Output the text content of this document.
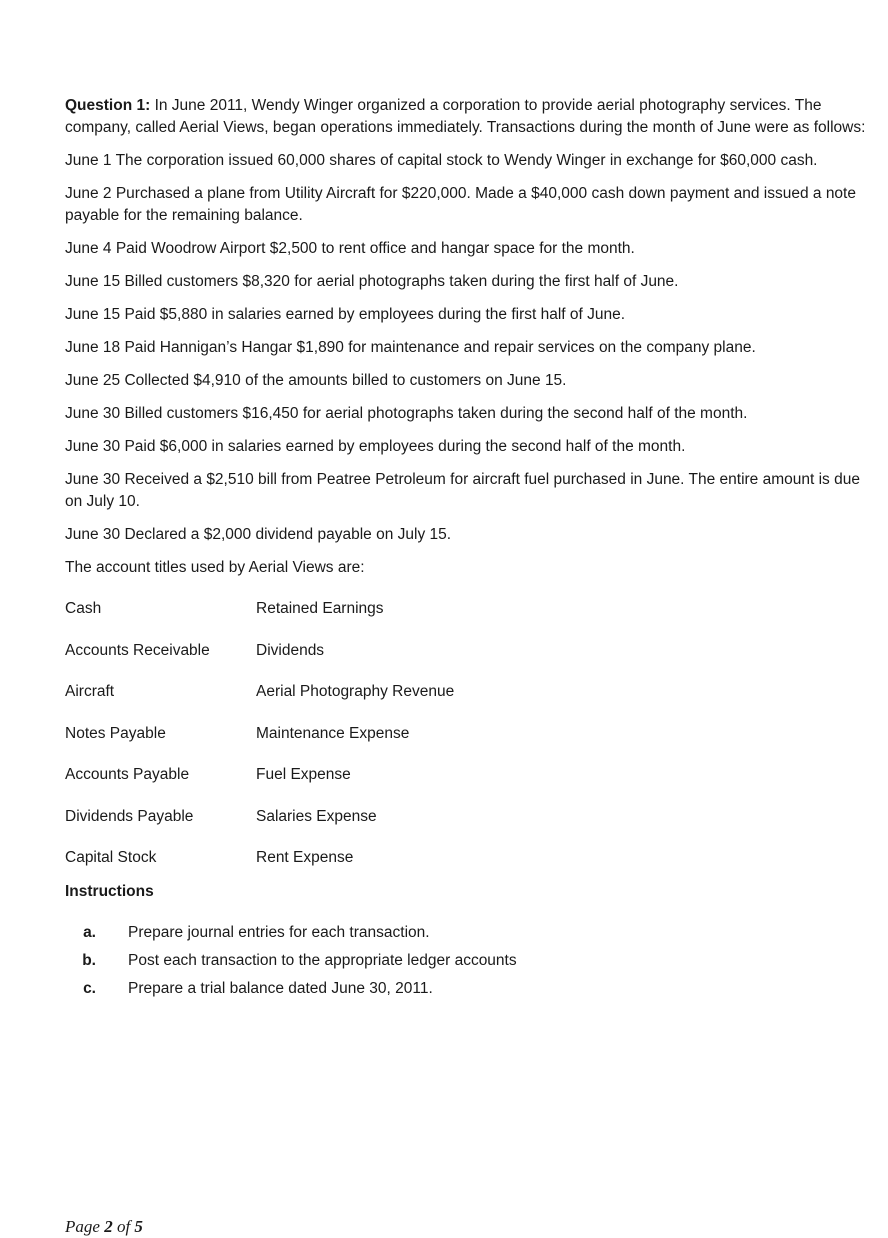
Question 1: In June 2011, Wendy Winger organized a corporation to provide aerial photography services. The company, called Aerial Views, began operations immediately. Transactions during the month of June were as follows:

June 1 The corporation issued 60,000 shares of capital stock to Wendy Winger in exchange for $60,000 cash.

June 2 Purchased a plane from Utility Aircraft for $220,000. Made a $40,000 cash down payment and issued a note payable for the remaining balance.

June 4 Paid Woodrow Airport $2,500 to rent office and hangar space for the month.

June 15 Billed customers $8,320 for aerial photographs taken during the first half of June.

June 15 Paid $5,880 in salaries earned by employees during the first half of June.

June 18 Paid Hannigan’s Hangar $1,890 for maintenance and repair services on the company plane.

June 25 Collected $4,910 of the amounts billed to customers on June 15.

June 30 Billed customers $16,450 for aerial photographs taken during the second half of the month.

June 30 Paid $6,000 in salaries earned by employees during the second half of the month.

June 30 Received a $2,510 bill from Peatree Petroleum for aircraft fuel purchased in June. The entire amount is due on July 10.

June 30 Declared a $2,000 dividend payable on July 15.

The account titles used by Aerial Views are:

Cash	Retained Earnings
Accounts Receivable	Dividends
Aircraft	Aerial Photography Revenue
Notes Payable	Maintenance Expense
Accounts Payable	Fuel Expense
Dividends Payable	Salaries Expense
Capital Stock	Rent Expense
Instructions
a.	Prepare journal entries for each transaction.
b.	Post each transaction to the appropriate ledger accounts
c.	Prepare a trial balance dated June 30, 2011.
Page 2 of 5
